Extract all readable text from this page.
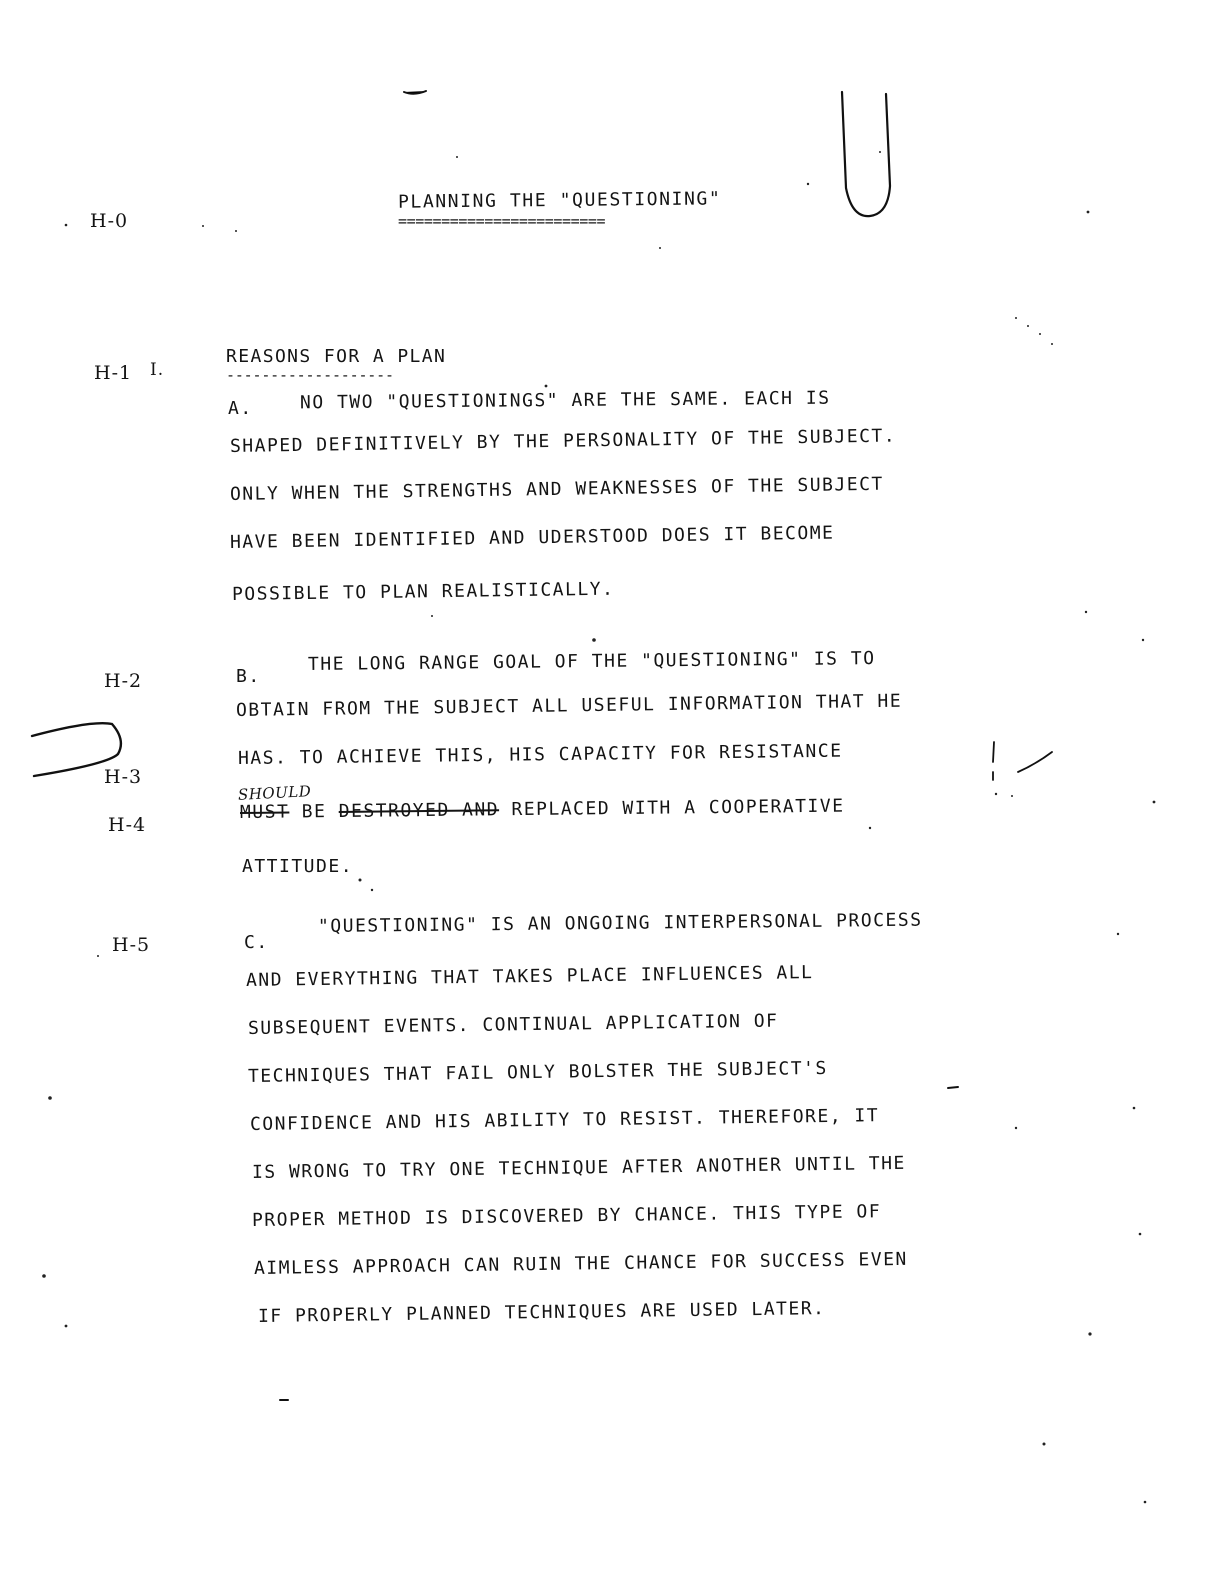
H-0
H-1
H-2
H-3
H-4
H-5
PLANNING THE "QUESTIONING"
========================
I.
REASONS FOR A PLAN
-------------------
A.	NO TWO "QUESTIONINGS" ARE THE SAME. EACH IS
SHAPED DEFINITIVELY BY THE PERSONALITY OF THE SUBJECT.
ONLY WHEN THE STRENGTHS AND WEAKNESSES OF THE SUBJECT
HAVE BEEN IDENTIFIED AND UDERSTOOD DOES IT BECOME
POSSIBLE TO PLAN REALISTICALLY.
B.
THE LONG RANGE GOAL OF THE "QUESTIONING" IS TO
OBTAIN FROM THE SUBJECT ALL USEFUL INFORMATION THAT HE
HAS. TO ACHIEVE THIS, HIS CAPACITY FOR RESISTANCE
SHOULD
MUST BE DESTROYED AND REPLACED WITH A COOPERATIVE
ATTITUDE.
C.
"QUESTIONING" IS AN ONGOING INTERPERSONAL PROCESS
AND EVERYTHING THAT TAKES PLACE INFLUENCES ALL
SUBSEQUENT EVENTS. CONTINUAL APPLICATION OF
TECHNIQUES THAT FAIL ONLY BOLSTER THE SUBJECT'S
CONFIDENCE AND HIS ABILITY TO RESIST. THEREFORE, IT
IS WRONG TO TRY ONE TECHNIQUE AFTER ANOTHER UNTIL THE
PROPER METHOD IS DISCOVERED BY CHANCE. THIS TYPE OF
AIMLESS APPROACH CAN RUIN THE CHANCE FOR SUCCESS EVEN
IF PROPERLY PLANNED TECHNIQUES ARE USED LATER.
